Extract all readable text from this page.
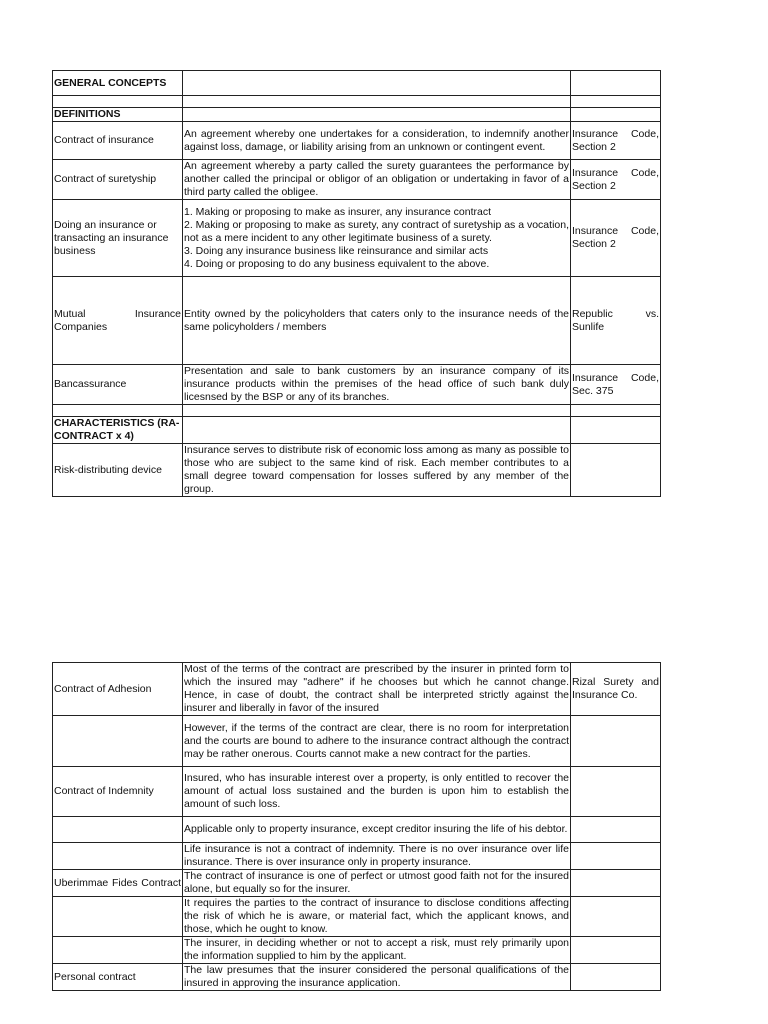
GENERAL CONCEPTS		

DEFINITIONS		
Contract of insurance	An agreement whereby one undertakes for a consideration, to indemnify another against loss, damage, or liability arising from an unknown or contingent event.	Insurance Code, Section 2
Contract of suretyship	An agreement whereby a party called the surety guarantees the performance by another called the principal or obligor of an obligation or undertaking in favor of a third party called the obligee.	Insurance Code, Section 2
Doing an insurance or transacting an insurance business	1. Making or proposing to make as insurer, any insurance contract
2. Making or proposing to make as surety, any contract of suretyship as a vocation, not as a mere incident to any other legitimate business of a surety.
3. Doing any insurance business like reinsurance and similar acts
4. Doing or proposing to do any business equivalent to the above.	Insurance Code, Section 2
Mutual Insurance Companies	Entity owned by the policyholders that caters only to the insurance needs of the same policyholders / members	Republic vs. Sunlife
Bancassurance	Presentation and sale to bank customers by an insurance company of its insurance products within the premises of the head office of such bank duly licesnsed by the BSP or any of its branches.	Insurance Code, Sec. 375

CHARACTERISTICS (RA-CONTRACT x 4)		
Risk-distributing device	Insurance serves to distribute risk of economic loss among as many as possible to those who are subject to the same kind of risk. Each member contributes to a small degree toward compensation for losses suffered by any member of the group.	
Contract of Adhesion	Most of the terms of the contract are prescribed by the insurer in printed form to which the insured may "adhere" if he chooses but which he cannot change. Hence, in case of doubt, the contract shall be interpreted strictly against the insurer and liberally in favor of the insured	Rizal Surety and Insurance Co.
	However, if the terms of the contract are clear, there is no room for interpretation and the courts are bound to adhere to the insurance contract although the contract may be rather onerous. Courts cannot make a new contract for the parties.	
Contract of Indemnity	Insured, who has insurable interest over a property, is only entitled to recover the amount of actual loss sustained and the burden is upon him to establish the amount of such loss.	
	Applicable only to property insurance, except creditor insuring the life of his debtor.	
	Life insurance is not a contract of indemnity. There is no over insurance over life insurance. There is over insurance only in property insurance.	
Uberimmae Fides Contract	The contract of insurance is one of perfect or utmost good faith not for the insured alone, but equally so for the insurer.	
	It requires the parties to the contract of insurance to disclose conditions affecting the risk of which he is aware, or material fact, which the applicant knows, and those, which he ought to know.	
	The insurer, in deciding whether or not to accept a risk, must rely primarily upon the information supplied to him by the applicant.	
Personal contract	The law presumes that the insurer considered the personal qualifications of the insured in approving the insurance application.	
